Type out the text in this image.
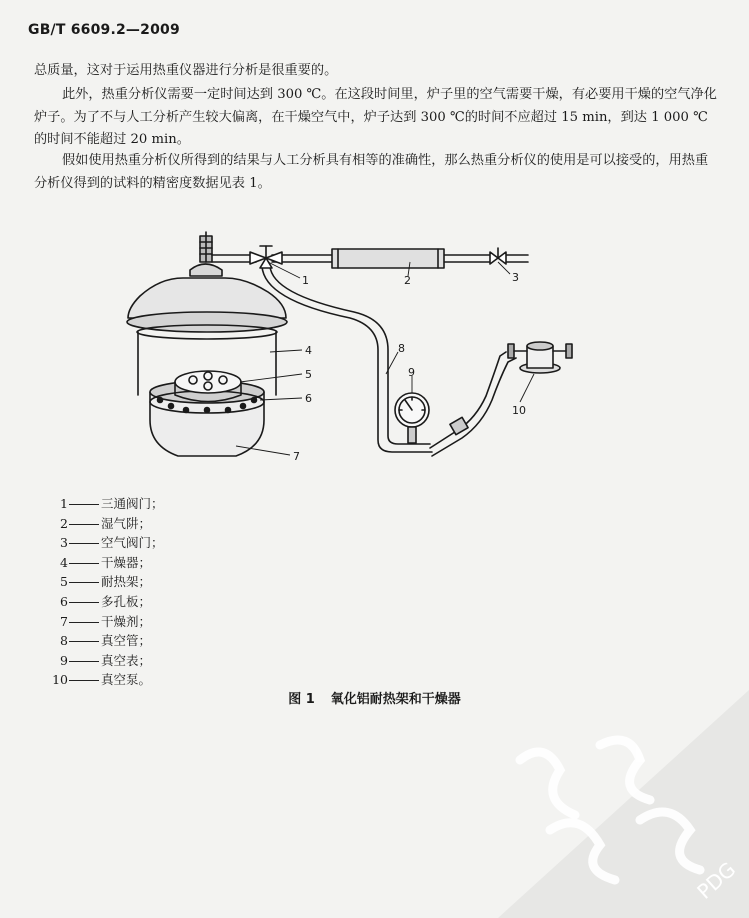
GB/T 6609.2—2009

总质量，这对于运用热重仪器进行分析是很重要的。

此外，热重分析仪需要一定时间达到 300 ℃。在这段时间里，炉子里的空气需要干燥，有必要用干燥的空气净化炉子。为了不与人工分析产生较大偏离，在干燥空气中，炉子达到 300 ℃的时间不应超过 15 min，到达 1 000 ℃的时间不能超过 20 min。

假如使用热重分析仪所得到的结果与人工分析具有相等的准确性，那么热重分析仪的使用是可以接受的，用热重分析仪得到的试料的精密度数据见表 1。

1	2	3
4
5
6
7
8
9
10
1	三通阀门；
2	湿气阱；
3	空气阀门；
4	干燥器；
5	耐热架；
6	多孔板；
7	干燥剂；
8	真空管；
9	真空表；
10	真空泵。
图 1 氧化铝耐热架和干燥器
PDG
